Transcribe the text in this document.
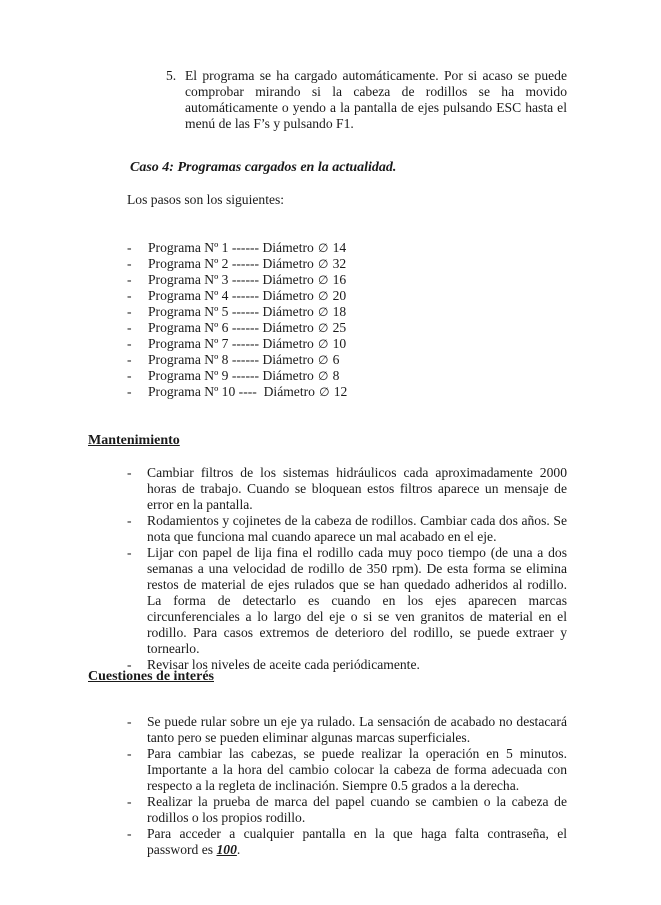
5. El programa se ha cargado automáticamente. Por si acaso se puede comprobar mirando si la cabeza de rodillos se ha movido automáticamente o yendo a la pantalla de ejes pulsando ESC hasta el menú de las F’s y pulsando F1.
Caso 4: Programas cargados en la actualidad.
Los pasos son los siguientes:
- Programa Nº 1 ------ Diámetro ∅ 14
- Programa Nº 2 ------ Diámetro ∅ 32
- Programa Nº 3 ------ Diámetro ∅ 16
- Programa Nº 4 ------ Diámetro ∅ 20
- Programa Nº 5 ------ Diámetro ∅ 18
- Programa Nº 6 ------ Diámetro ∅ 25
- Programa Nº 7 ------ Diámetro ∅ 10
- Programa Nº 8 ------ Diámetro ∅ 6
- Programa Nº 9 ------ Diámetro ∅ 8
- Programa Nº 10 ----  Diámetro ∅ 12
Mantenimiento
- Cambiar filtros de los sistemas hidráulicos cada aproximadamente 2000 horas de trabajo. Cuando se bloquean estos filtros aparece un mensaje de error en la pantalla.
- Rodamientos y cojinetes de la cabeza de rodillos. Cambiar cada dos años. Se nota que funciona mal cuando aparece un mal acabado en el eje.
- Lijar con papel de lija fina el rodillo cada muy poco tiempo (de una a dos semanas a una velocidad de rodillo de 350 rpm). De esta forma se elimina restos de material de ejes rulados que se han quedado adheridos al rodillo. La forma de detectarlo es cuando en los ejes aparecen marcas circunferenciales a lo largo del eje o si se ven granitos de material en el rodillo. Para casos extremos de deterioro del rodillo, se puede extraer y tornearlo.
- Revisar los niveles de aceite cada periódicamente.
Cuestiones de interés
- Se puede rular sobre un eje ya rulado. La sensación de acabado no destacará tanto pero se pueden eliminar algunas marcas superficiales.
- Para cambiar las cabezas, se puede realizar la operación en 5 minutos. Importante a la hora del cambio colocar la cabeza de forma adecuada con respecto a la regleta de inclinación. Siempre 0.5 grados a la derecha.
- Realizar la prueba de marca del papel cuando se cambien o la cabeza de rodillos o los propios rodillo.
- Para acceder a cualquier pantalla en la que haga falta contraseña, el password es 100.
